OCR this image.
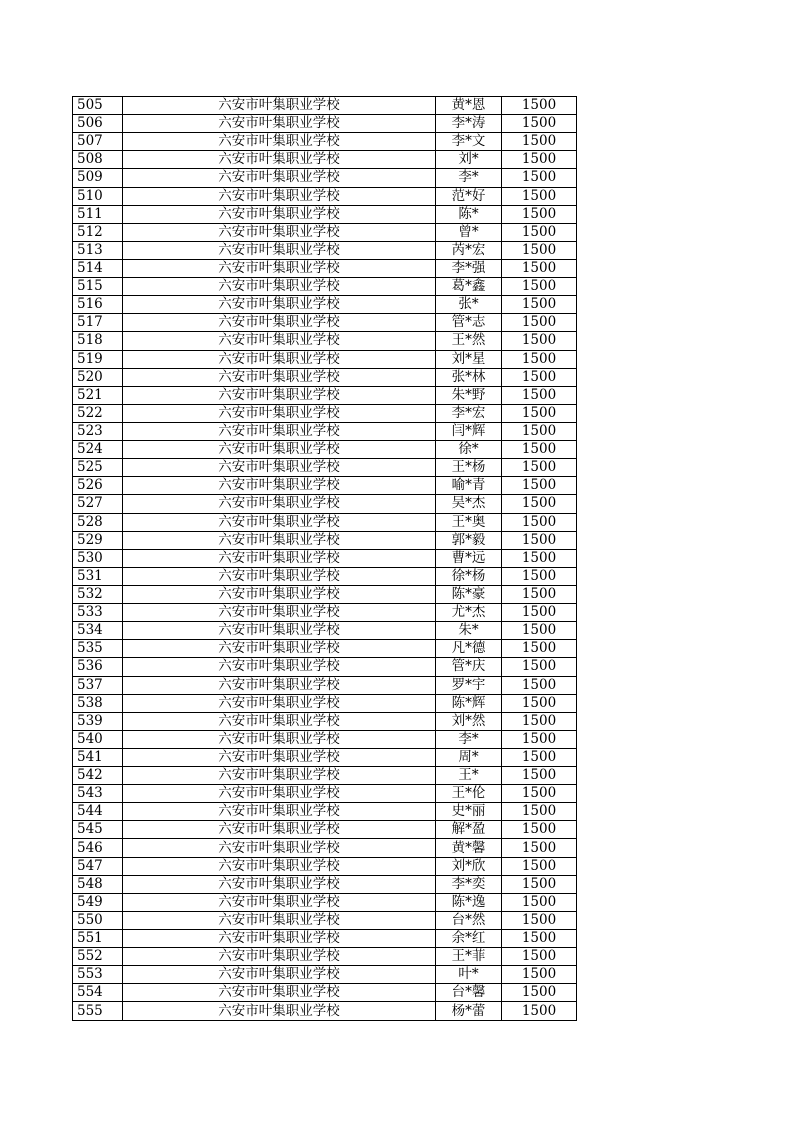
505	六安市叶集职业学校	黄*恩	1500
506	六安市叶集职业学校	李*涛	1500
507	六安市叶集职业学校	李*文	1500
508	六安市叶集职业学校	刘*	1500
509	六安市叶集职业学校	李*	1500
510	六安市叶集职业学校	范*好	1500
511	六安市叶集职业学校	陈*	1500
512	六安市叶集职业学校	曾*	1500
513	六安市叶集职业学校	芮*宏	1500
514	六安市叶集职业学校	李*强	1500
515	六安市叶集职业学校	葛*鑫	1500
516	六安市叶集职业学校	张*	1500
517	六安市叶集职业学校	管*志	1500
518	六安市叶集职业学校	王*然	1500
519	六安市叶集职业学校	刘*星	1500
520	六安市叶集职业学校	张*林	1500
521	六安市叶集职业学校	朱*野	1500
522	六安市叶集职业学校	李*宏	1500
523	六安市叶集职业学校	闫*辉	1500
524	六安市叶集职业学校	徐*	1500
525	六安市叶集职业学校	王*杨	1500
526	六安市叶集职业学校	喻*青	1500
527	六安市叶集职业学校	吴*杰	1500
528	六安市叶集职业学校	王*奥	1500
529	六安市叶集职业学校	郭*毅	1500
530	六安市叶集职业学校	曹*远	1500
531	六安市叶集职业学校	徐*杨	1500
532	六安市叶集职业学校	陈*豪	1500
533	六安市叶集职业学校	尤*杰	1500
534	六安市叶集职业学校	朱*	1500
535	六安市叶集职业学校	凡*德	1500
536	六安市叶集职业学校	管*庆	1500
537	六安市叶集职业学校	罗*宇	1500
538	六安市叶集职业学校	陈*辉	1500
539	六安市叶集职业学校	刘*然	1500
540	六安市叶集职业学校	李*	1500
541	六安市叶集职业学校	周*	1500
542	六安市叶集职业学校	王*	1500
543	六安市叶集职业学校	王*伦	1500
544	六安市叶集职业学校	史*丽	1500
545	六安市叶集职业学校	解*盈	1500
546	六安市叶集职业学校	黄*馨	1500
547	六安市叶集职业学校	刘*欣	1500
548	六安市叶集职业学校	李*奕	1500
549	六安市叶集职业学校	陈*逸	1500
550	六安市叶集职业学校	台*然	1500
551	六安市叶集职业学校	余*红	1500
552	六安市叶集职业学校	王*菲	1500
553	六安市叶集职业学校	叶*	1500
554	六安市叶集职业学校	台*馨	1500
555	六安市叶集职业学校	杨*蕾	1500
